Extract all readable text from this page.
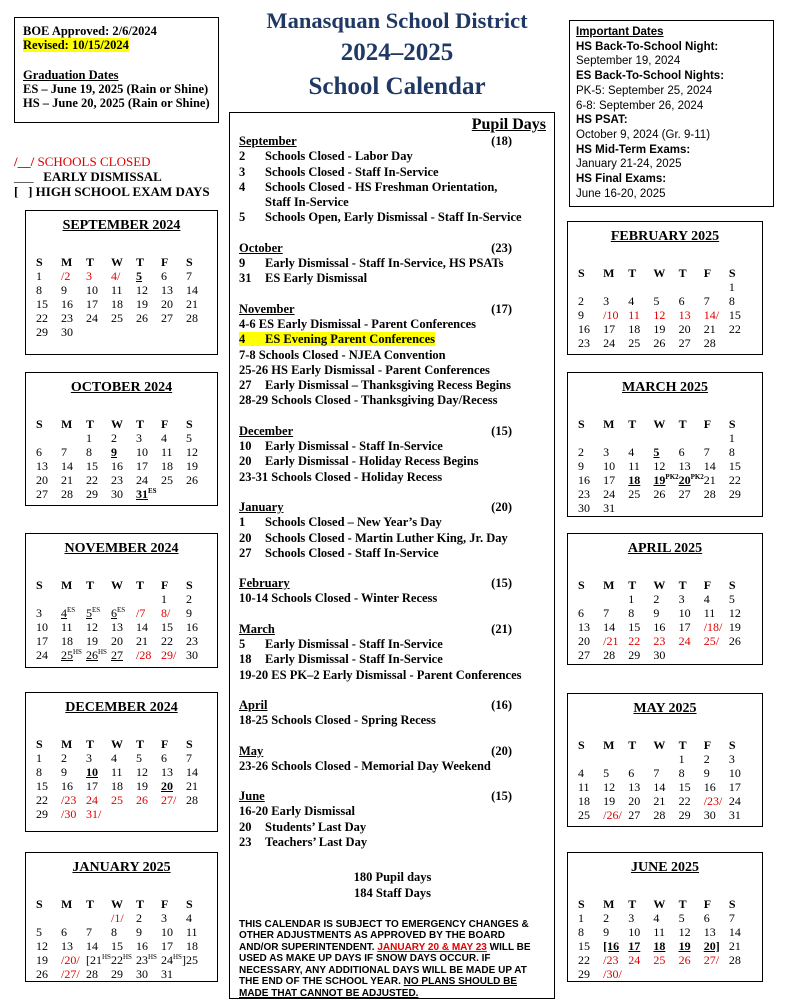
BOE Approved: 2/6/2024
Revised: 10/15/2024
Graduation Dates
ES – June 19, 2025 (Rain or Shine)
HS – June 20, 2025 (Rain or Shine)
/__/ SCHOOLS CLOSED
___ EARLY DISMISSAL
[   ] HIGH SCHOOL EXAM DAYS
Manasquan School District
2024–2025
School Calendar
Important Dates
HS Back-To-School Night:
September 19, 2024
ES Back-To-School Nights:
PK-5: September 25, 2024
6-8: September 26, 2024
HS PSAT:
October 9, 2024 (Gr. 9-11)
HS Mid-Term Exams:
January 21-24, 2025
HS Final Exams:
June 16-20, 2025
Pupil Days
September	(18)
2 Schools Closed - Labor Day
3 Schools Closed - Staff In-Service
4 Schools Closed - HS Freshman Orientation,
Staff In-Service
5 Schools Open, Early Dismissal - Staff In-Service
October	(23)
9 Early Dismissal - Staff In-Service, HS PSATs
31 ES Early Dismissal
November	(17)
4-6 ES Early Dismissal - Parent Conferences
4 ES Evening Parent Conferences
7-8 Schools Closed - NJEA Convention
25-26 HS Early Dismissal - Parent Conferences
27 Early Dismissal – Thanksgiving Recess Begins
28-29 Schools Closed - Thanksgiving Day/Recess
December	(15)
10 Early Dismissal - Staff In-Service
20 Early Dismissal - Holiday Recess Begins
23-31 Schools Closed - Holiday Recess
January	(20)
1 Schools Closed – New Year’s Day
20 Schools Closed - Martin Luther King, Jr. Day
27 Schools Closed - Staff In-Service
February	(15)
10-14 Schools Closed - Winter Recess
March	(21)
5 Early Dismissal - Staff In-Service
18 Early Dismissal - Staff In-Service
19-20 ES PK–2 Early Dismissal - Parent Conferences
April	(16)
18-25 Schools Closed - Spring Recess
May	(20)
23-26 Schools Closed - Memorial Day Weekend
June	(15)
16-20 Early Dismissal
20 Students’ Last Day
23 Teachers’ Last Day
180 Pupil days
184 Staff Days
THIS CALENDAR IS SUBJECT TO EMERGENCY CHANGES & OTHER ADJUSTMENTS AS APPROVED BY THE BOARD AND/OR SUPERINTENDENT. JANUARY 20 & MAY 23 WILL BE USED AS MAKE UP DAYS IF SNOW DAYS OCCUR. IF NECESSARY, ANY ADDITIONAL DAYS WILL BE MADE UP AT THE END OF THE SCHOOL YEAR. NO PLANS SHOULD BE MADE THAT CANNOT BE ADJUSTED.
SEPTEMBER 2024
S	M	T	W	T	F	S
1	/2	3	4/	5	6	7
8	9	10	11	12	13	14
15	16	17	18	19	20	21
22	23	24	25	26	27	28
29	30					
OCTOBER 2024
S	M	T	W	T	F	S
		1	2	3	4	5
6	7	8	9	10	11	12
13	14	15	16	17	18	19
20	21	22	23	24	25	26
27	28	29	30	$31^{ES}$		
NOVEMBER 2024
S	M	T	W	T	F	S
					1	2
3	$4^{ES}$	$5^{ES}$	$6^{ES}$	/7	8/	9
10	11	12	13	14	15	16
17	18	19	20	21	22	23
24	$25^{HS}$	$26^{HS}$	27	/28	29/	30
DECEMBER 2024
S	M	T	W	T	F	S
1	2	3	4	5	6	7
8	9	10	11	12	13	14
15	16	17	18	19	20	21
22	/23	24	25	26	27/	28
29	/30	31/				
JANUARY 2025
S	M	T	W	T	F	S
			/1/	2	3	4
5	6	7	8	9	10	11
12	13	14	15	16	17	18
19	/20/	[$21^{HS}$	$22^{HS}$	$23^{HS}$	$24^{HS}]25$	
26	/27/	28	29	30	31	
FEBRUARY 2025
S	M	T	W	T	F	S
						1
2	3	4	5	6	7	8
9	/10	11	12	13	14/	15
16	17	18	19	20	21	22
23	24	25	26	27	28	
MARCH 2025
S	M	T	W	T	F	S
						1
2	3	4	5	6	7	8
9	10	11	12	13	14	15
16	17	18	$19^{PK2}$	$20^{PK2}$	21	22
23	24	25	26	27	28	29
30	31					
APRIL 2025
S	M	T	W	T	F	S
		1	2	3	4	5
6	7	8	9	10	11	12
13	14	15	16	17	/18/	19
20	/21	22	23	24	25/	26
27	28	29	30			
MAY 2025
S	M	T	W	T	F	S
				1	2	3
4	5	6	7	8	9	10
11	12	13	14	15	16	17
18	19	20	21	22	/23/	24
25	/26/	27	28	29	30	31
JUNE 2025
S	M	T	W	T	F	S
1	2	3	4	5	6	7
8	9	10	11	12	13	14
15	[16	17	18	19	20]	21
22	/23	24	25	26	27/	28
29	/30/					
